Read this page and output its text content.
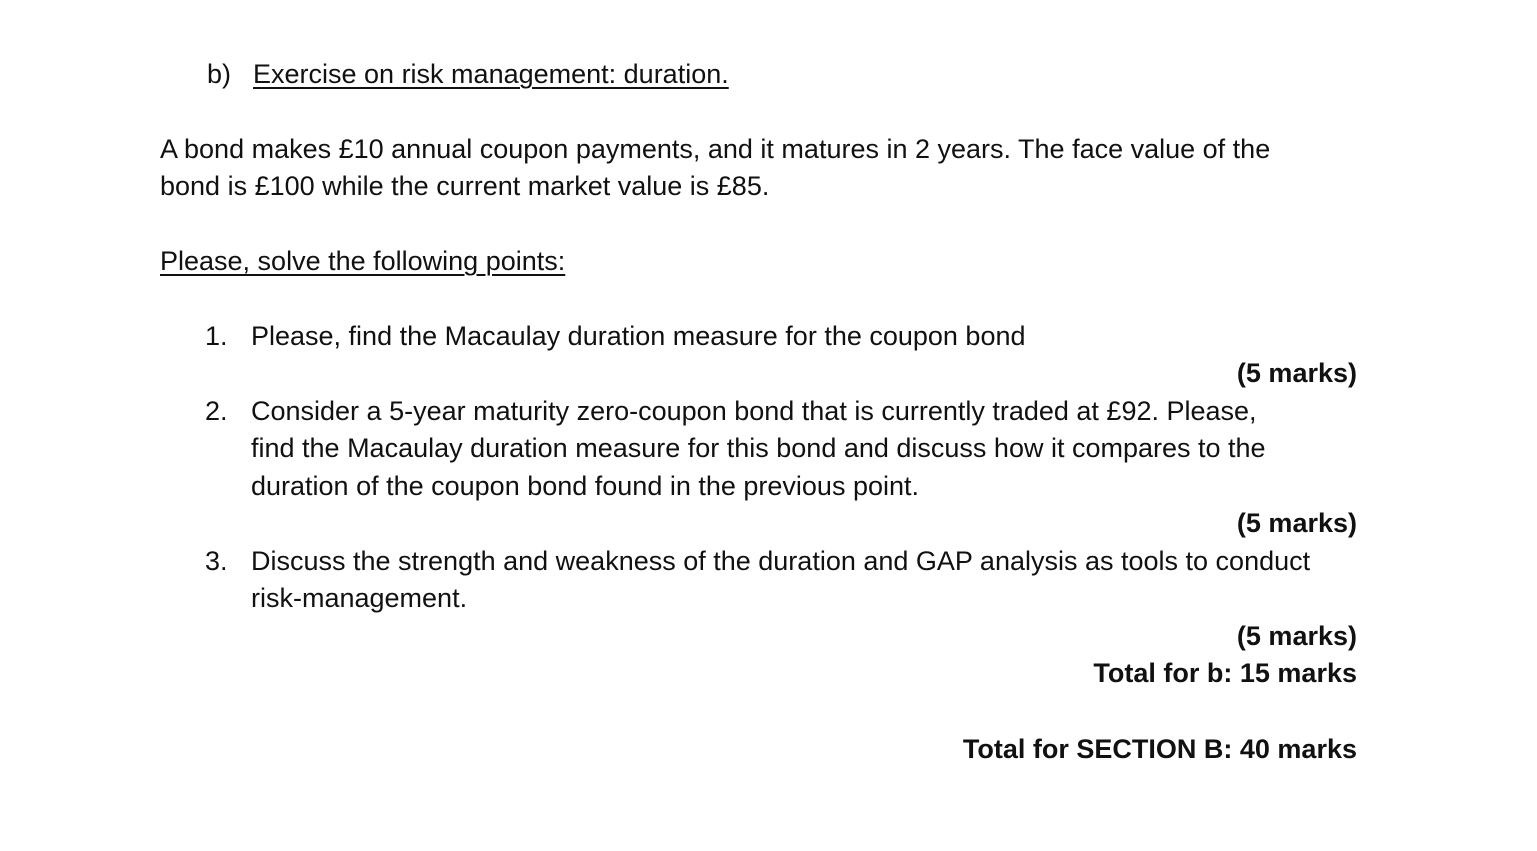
b) Exercise on risk management: duration.
A bond makes £10 annual coupon payments, and it matures in 2 years. The face value of the
bond is £100 while the current market value is £85.
Please, solve the following points:
1. Please, find the Macaulay duration measure for the coupon bond
(5 marks)
2. Consider a 5-year maturity zero-coupon bond that is currently traded at £92. Please,
find the Macaulay duration measure for this bond and discuss how it compares to the
duration of the coupon bond found in the previous point.
(5 marks)
3. Discuss the strength and weakness of the duration and GAP analysis as tools to conduct
risk-management.
(5 marks)
Total for b: 15 marks
Total for SECTION B: 40 marks
